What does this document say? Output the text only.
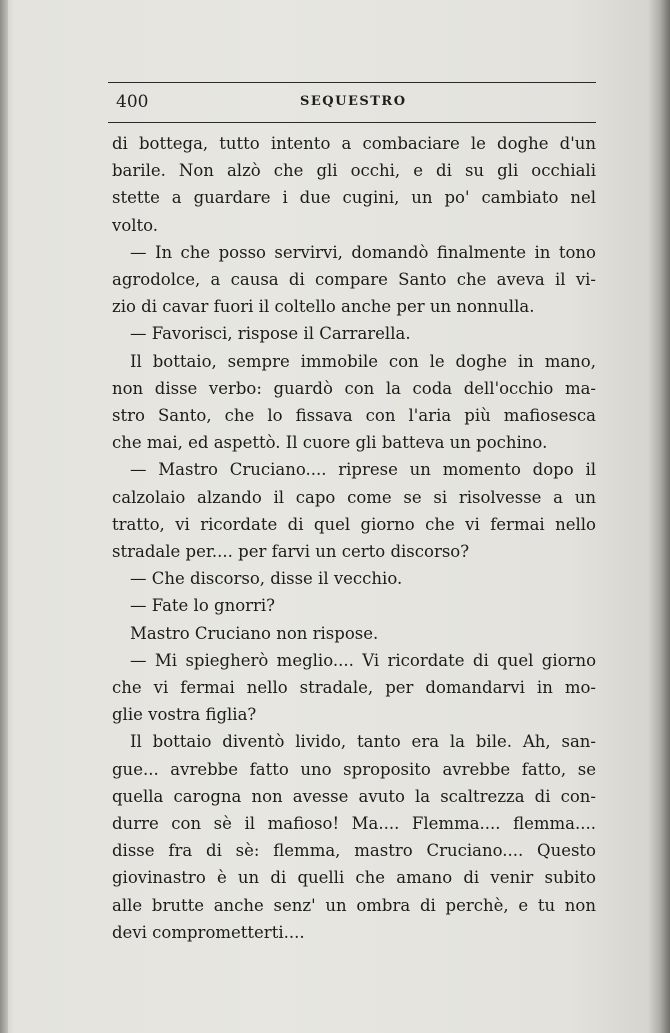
400	SEQUESTRO
di bottega, tutto intento a combaciare le doghe d'un
barile. Non alzò che gli occhi, e di su gli occhiali
stette a guardare i due cugini, un po' cambiato nel
volto.
— In che posso servirvi, domandò finalmente in tono
agrodolce, a causa di compare Santo che aveva il vi-
zio di cavar fuori il coltello anche per un nonnulla.
— Favorisci, rispose il Carrarella.
Il bottaio, sempre immobile con le doghe in mano,
non disse verbo: guardò con la coda dell'occhio ma-
stro Santo, che lo fissava con l'aria più mafiosesca
che mai, ed aspettò. Il cuore gli batteva un pochino.
— Mastro Cruciano.... riprese un momento dopo il
calzolaio alzando il capo come se si risolvesse a un
tratto, vi ricordate di quel giorno che vi fermai nello
stradale per.... per farvi un certo discorso?
— Che discorso, disse il vecchio.
— Fate lo gnorri?
Mastro Cruciano non rispose.
— Mi spiegherò meglio.... Vi ricordate di quel giorno
che vi fermai nello stradale, per domandarvi in mo-
glie vostra figlia?
Il bottaio diventò livido, tanto era la bile. Ah, san-
gue... avrebbe fatto uno sproposito avrebbe fatto, se
quella carogna non avesse avuto la scaltrezza di con-
durre con sè il mafioso! Ma.... Flemma.... flemma....
disse fra di sè: flemma, mastro Cruciano.... Questo
giovinastro è un di quelli che amano di venir subito
alle brutte anche senz' un ombra di perchè, e tu non
devi comprometterti....
